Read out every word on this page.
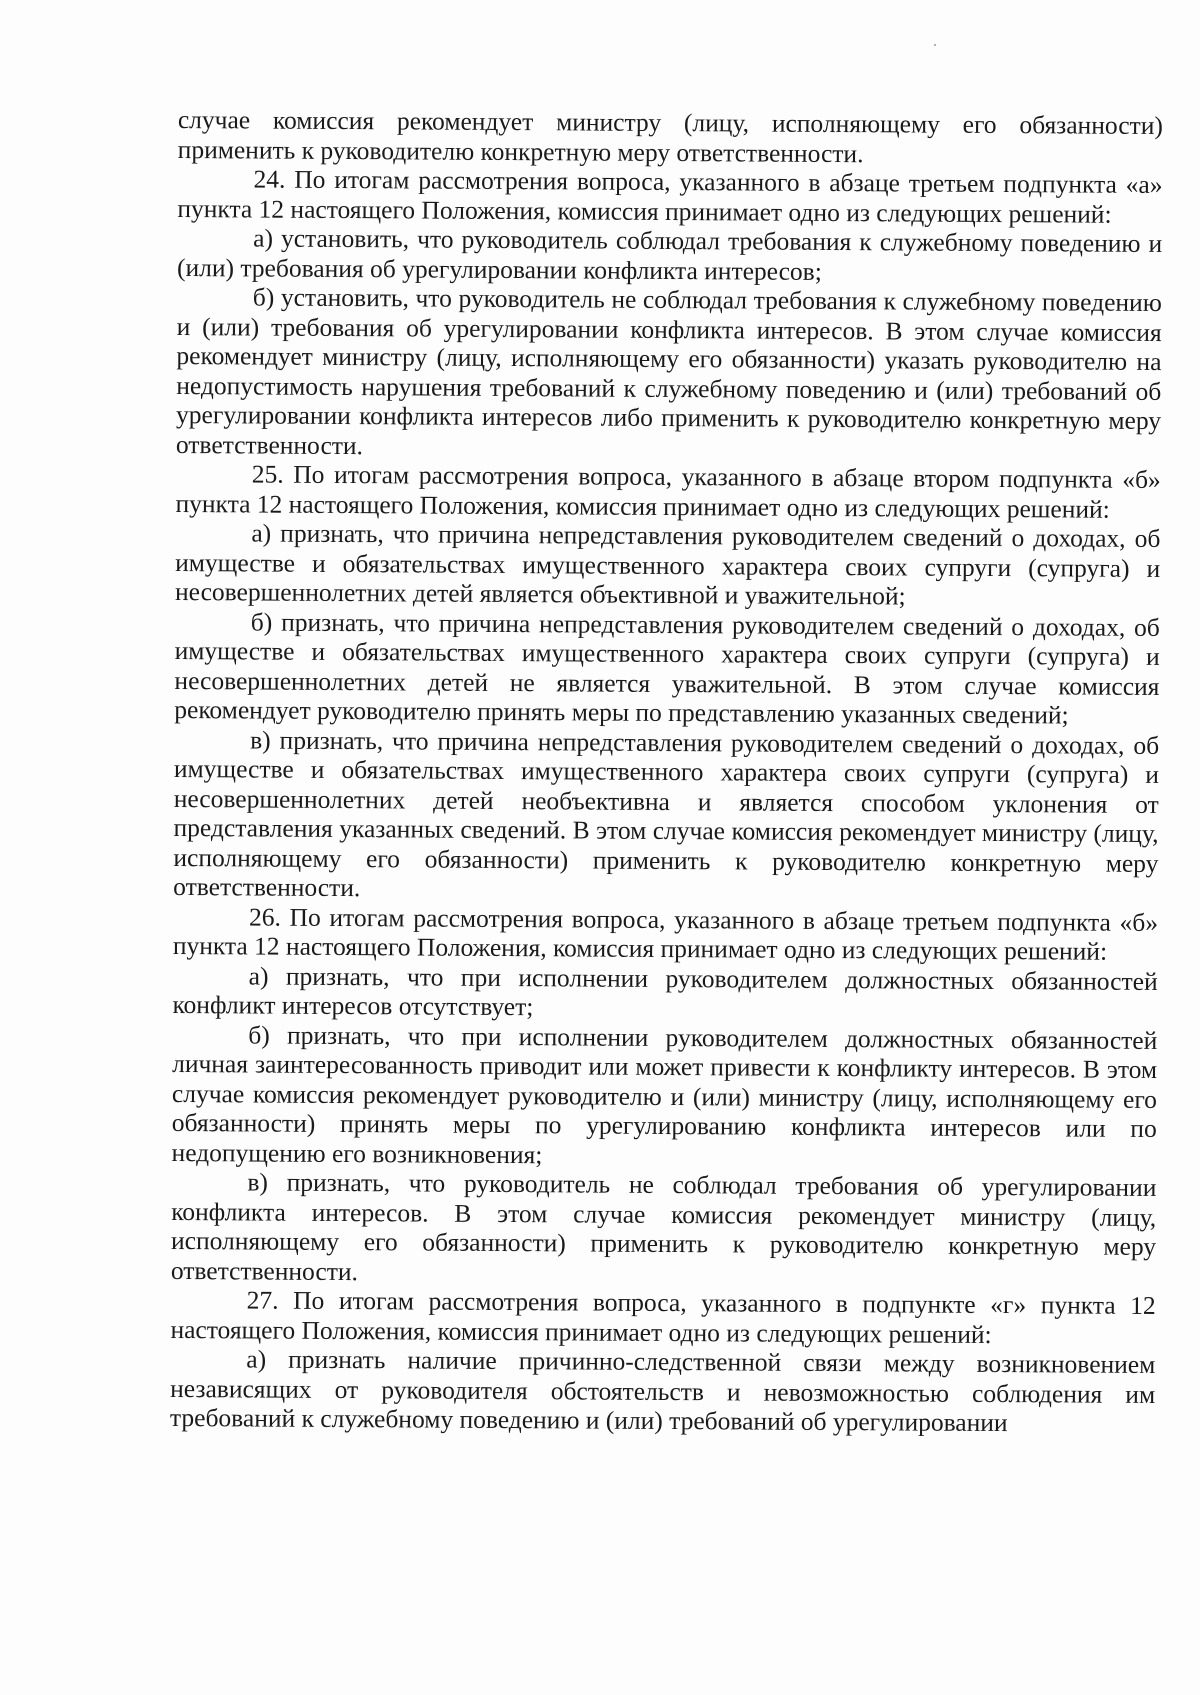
случае комиссия рекомендует министру (лицу, исполняющему его обязанности) применить к руководителю конкретную меру ответственности.

24. По итогам рассмотрения вопроса, указанного в абзаце третьем подпункта «а» пункта 12 настоящего Положения, комиссия принимает одно из следующих решений:

а) установить, что руководитель соблюдал требования к служебному поведению и (или) требования об урегулировании конфликта интересов;

б) установить, что руководитель не соблюдал требования к служебному поведению и (или) требования об урегулировании конфликта интересов. В этом случае комиссия рекомендует министру (лицу, исполняющему его обязанности) указать руководителю на недопустимость нарушения требований к служебному поведению и (или) требований об урегулировании конфликта интересов либо применить к руководителю конкретную меру ответственности.

25. По итогам рассмотрения вопроса, указанного в абзаце втором подпункта «б» пункта 12 настоящего Положения, комиссия принимает одно из следующих решений:

а) признать, что причина непредставления руководителем сведений о доходах, об имуществе и обязательствах имущественного характера своих супруги (супруга) и несовершеннолетних детей является объективной и уважительной;

б) признать, что причина непредставления руководителем сведений о доходах, об имуществе и обязательствах имущественного характера своих супруги (супруга) и несовершеннолетних детей не является уважительной. В этом случае комиссия рекомендует руководителю принять меры по представлению указанных сведений;

в) признать, что причина непредставления руководителем сведений о доходах, об имуществе и обязательствах имущественного характера своих супруги (супруга) и несовершеннолетних детей необъективна и является способом уклонения от представления указанных сведений. В этом случае комиссия рекомендует министру (лицу, исполняющему его обязанности) применить к руководителю конкретную меру ответственности.

26. По итогам рассмотрения вопроса, указанного в абзаце третьем подпункта «б» пункта 12 настоящего Положения, комиссия принимает одно из следующих решений:

а) признать, что при исполнении руководителем должностных обязанностей конфликт интересов отсутствует;

б) признать, что при исполнении руководителем должностных обязанностей личная заинтересованность приводит или может привести к конфликту интересов. В этом случае комиссия рекомендует руководителю и (или) министру (лицу, исполняющему его обязанности) принять меры по урегулированию конфликта интересов или по недопущению его возникновения;

в) признать, что руководитель не соблюдал требования об урегулировании конфликта интересов. В этом случае комиссия рекомендует министру (лицу, исполняющему его обязанности) применить к руководителю конкретную меру ответственности.

27. По итогам рассмотрения вопроса, указанного в подпункте «г» пункта 12 настоящего Положения, комиссия принимает одно из следующих решений:

а) признать наличие причинно-следственной связи между возникновением независящих от руководителя обстоятельств и невозможностью соблюдения им требований к служебному поведению и (или) требований об урегулировании
